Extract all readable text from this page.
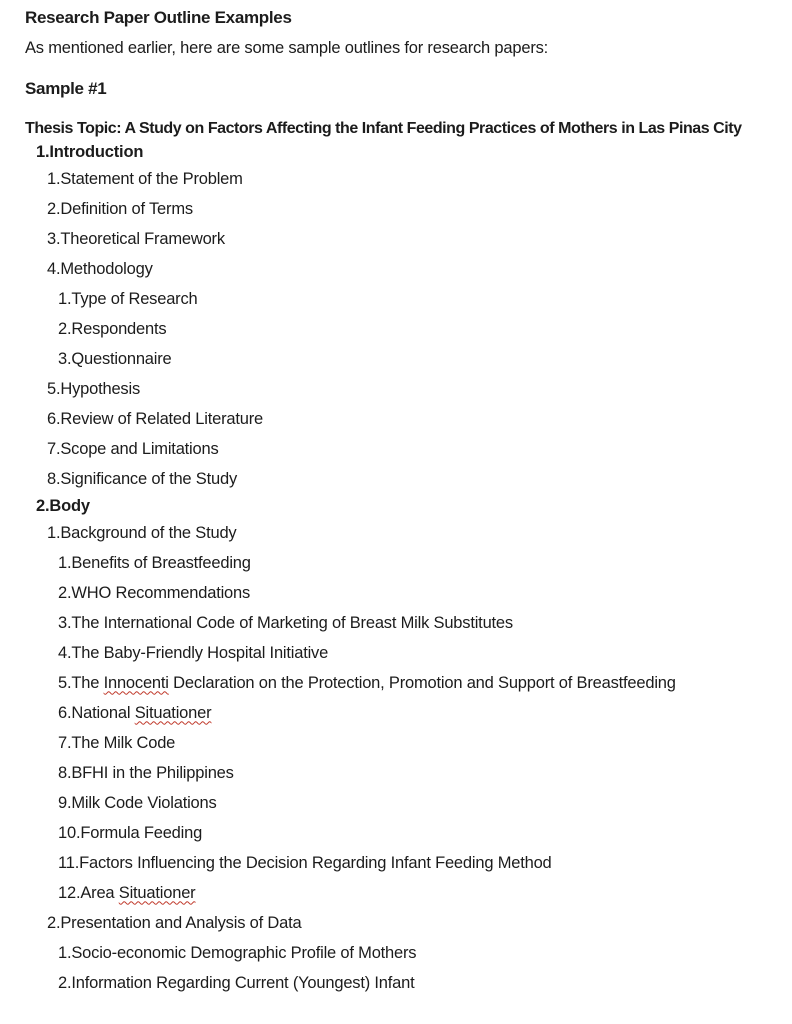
Research Paper Outline Examples
As mentioned earlier, here are some sample outlines for research papers:
Sample #1
Thesis Topic: A Study on Factors Affecting the Infant Feeding Practices of Mothers in Las Pinas City
1. Introduction
1. Statement of the Problem
2. Definition of Terms
3. Theoretical Framework
4. Methodology
1. Type of Research
2. Respondents
3. Questionnaire
5. Hypothesis
6. Review of Related Literature
7. Scope and Limitations
8. Significance of the Study
2. Body
1. Background of the Study
1. Benefits of Breastfeeding
2. WHO Recommendations
3. The International Code of Marketing of Breast Milk Substitutes
4. The Baby-Friendly Hospital Initiative
5. The Innocenti Declaration on the Protection, Promotion and Support of Breastfeeding
6. National Situationer
7. The Milk Code
8. BFHI in the Philippines
9. Milk Code Violations
10. Formula Feeding
11. Factors Influencing the Decision Regarding Infant Feeding Method
12. Area Situationer
2. Presentation and Analysis of Data
1. Socio-economic Demographic Profile of Mothers
2. Information Regarding Current (Youngest) Infant
